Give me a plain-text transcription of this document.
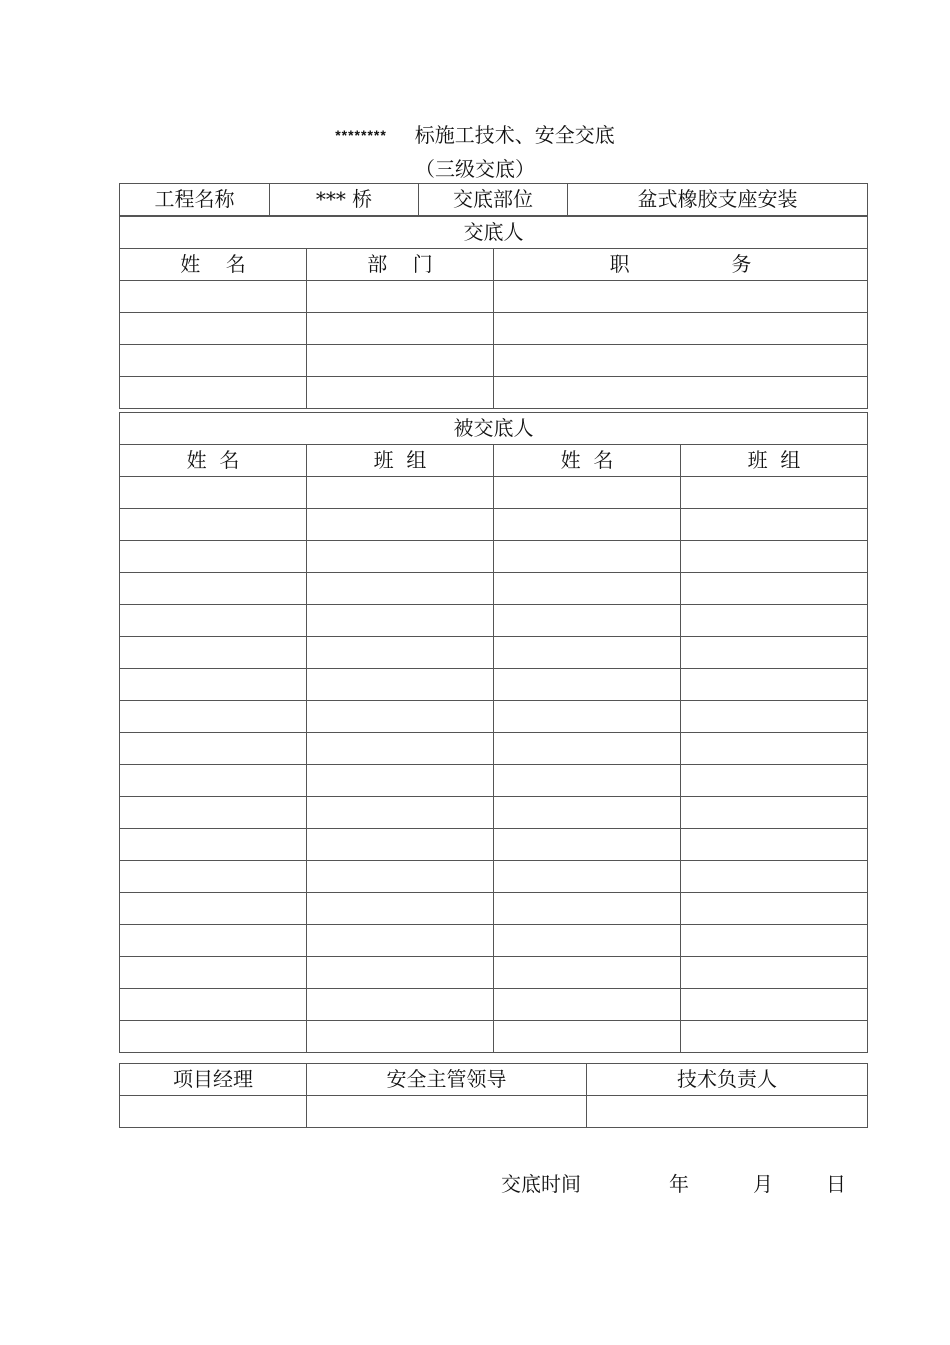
******** 标施工技术、安全交底
（三级交底）
工程名称	*** 桥	交底部位	盆式橡胶支座安装
交底人		
姓    名	部    门	职                务

被交底人			
姓  名	班  组	姓  名	班  组

项目经理	安全主管领导	技术负责人

交底时间	年	月	日
